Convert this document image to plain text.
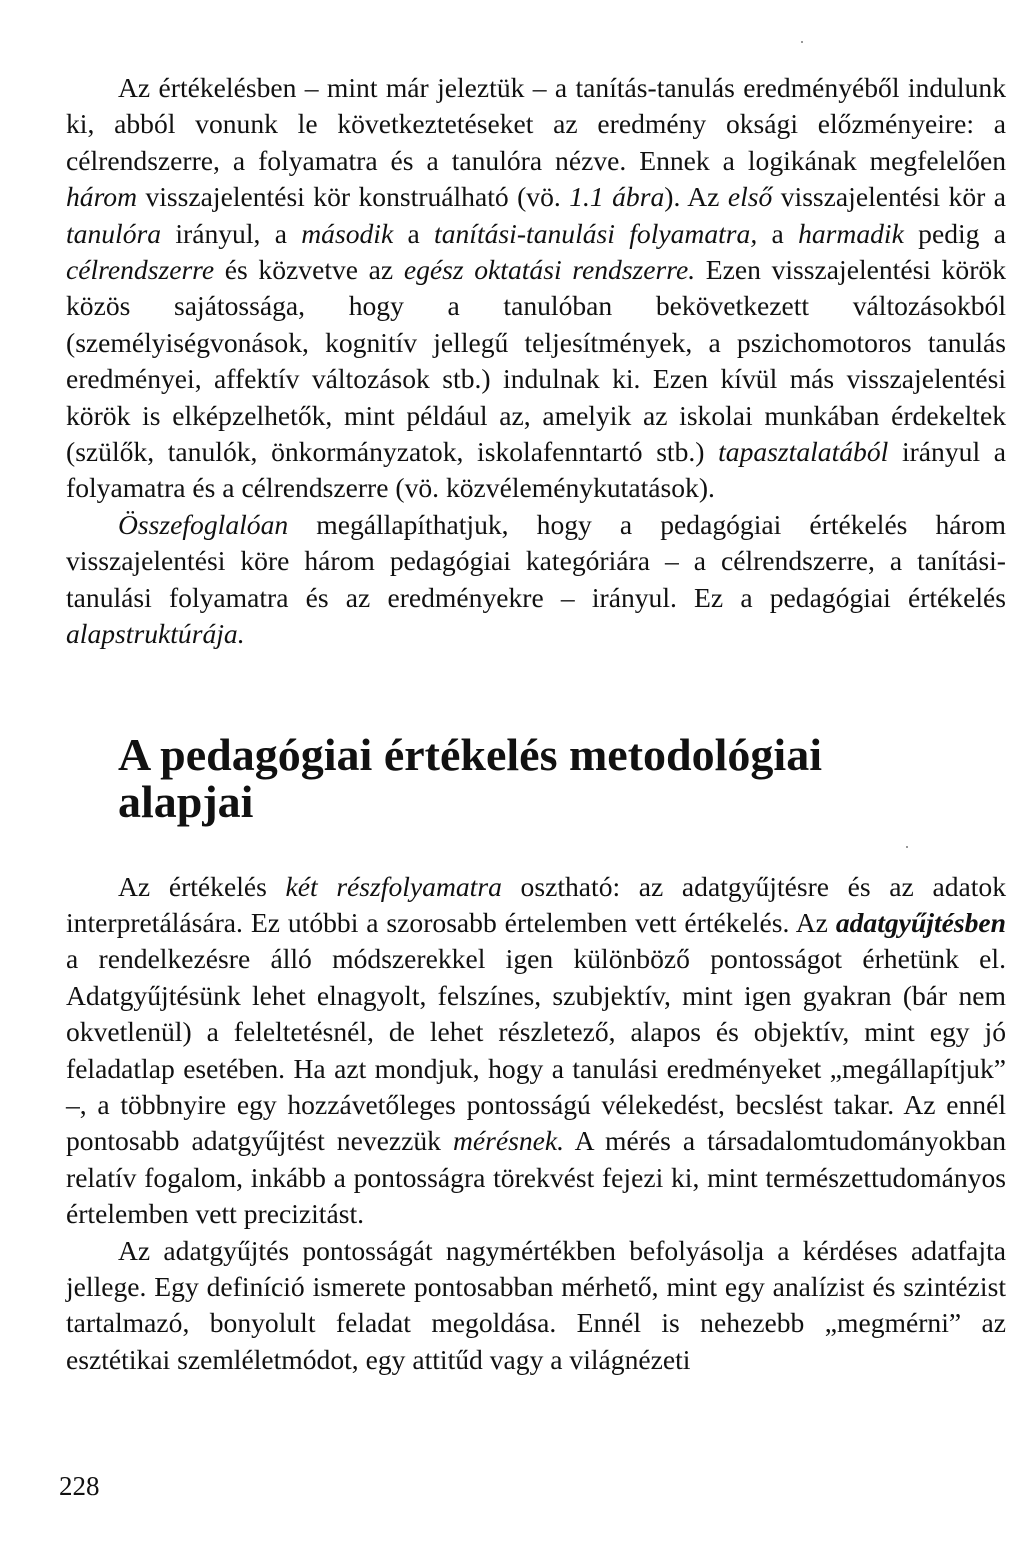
Az értékelésben – mint már jeleztük – a tanítás-tanulás eredményéből indulunk ki, abból vonunk le következtetéseket az eredmény oksági előzményeire: a célrendszerre, a folyamatra és a tanulóra nézve. Ennek a logikának megfelelően három visszajelentési kör konstruálható (vö. 1.1 ábra). Az első visszajelentési kör a tanulóra irányul, a második a tanítási-tanulási folyamatra, a harmadik pedig a célrendszerre és közvetve az egész oktatási rendszerre. Ezen visszajelentési körök közös sajátossága, hogy a tanulóban bekövetkezett változásokból (személyiségvonások, kognitív jellegű teljesítmények, a pszichomotoros tanulás eredményei, affektív változások stb.) indulnak ki. Ezen kívül más visszajelentési körök is elképzelhetők, mint például az, amelyik az iskolai munkában érdekeltek (szülők, tanulók, önkormányzatok, iskolafenntartó stb.) tapasztalatából irányul a folyamatra és a célrendszerre (vö. közvéleménykutatások).

Összefoglalóan megállapíthatjuk, hogy a pedagógiai értékelés három visszajelentési köre három pedagógiai kategóriára – a célrendszerre, a tanítási-tanulási folyamatra és az eredményekre – irányul. Ez a pedagógiai értékelés alapstruktúrája.

A pedagógiai értékelés metodológiai alapjai

Az értékelés két részfolyamatra osztható: az adatgyűjtésre és az adatok interpretálására. Ez utóbbi a szorosabb értelemben vett értékelés. Az adatgyűjtésben a rendelkezésre álló módszerekkel igen különböző pontosságot érhetünk el. Adatgyűjtésünk lehet elnagyolt, felszínes, szubjektív, mint igen gyakran (bár nem okvetlenül) a feleltetésnél, de lehet részletező, alapos és objektív, mint egy jó feladatlap esetében. Ha azt mondjuk, hogy a tanulási eredményeket „megállapítjuk” –, a többnyire egy hozzávetőleges pontosságú vélekedést, becslést takar. Az ennél pontosabb adatgyűjtést nevezzük mérésnek. A mérés a társadalomtudományokban relatív fogalom, inkább a pontosságra törekvést fejezi ki, mint természettudományos értelemben vett precizitást.

Az adatgyűjtés pontosságát nagymértékben befolyásolja a kérdéses adatfajta jellege. Egy definíció ismerete pontosabban mérhető, mint egy analízist és szintézist tartalmazó, bonyolult feladat megoldása. Ennél is nehezebb „megmérni” az esztétikai szemléletmódot, egy attitűd vagy a világnézeti

228
